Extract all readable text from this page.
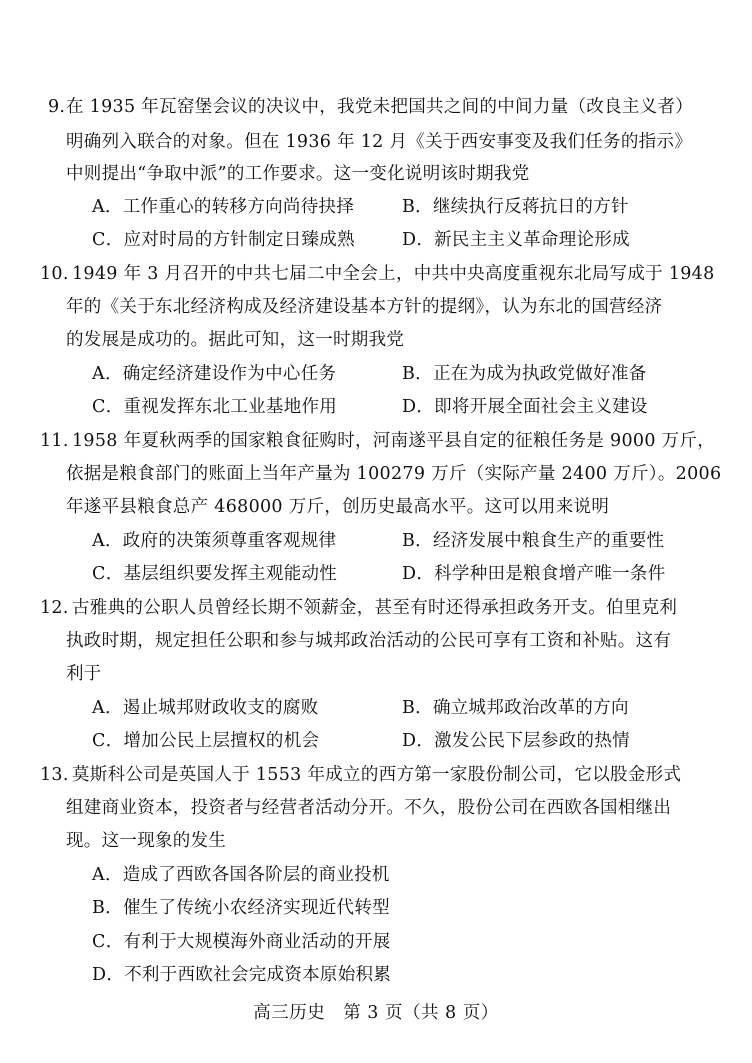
9. 在 1935 年瓦窑堡会议的决议中，我党未把国共之间的中间力量（改良主义者）
明确列入联合的对象。但在 1936 年 12 月《关于西安事变及我们任务的指示》
中则提出“争取中派”的工作要求。这一变化说明该时期我党
A．工作重心的转移方向尚待抉择	B．继续执行反蒋抗日的方针
C．应对时局的方针制定日臻成熟	D．新民主主义革命理论形成
10. 1949 年 3 月召开的中共七届二中全会上，中共中央高度重视东北局写成于 1948
年的《关于东北经济构成及经济建设基本方针的提纲》，认为东北的国营经济
的发展是成功的。据此可知，这一时期我党
A．确定经济建设作为中心任务	B．正在为成为执政党做好准备
C．重视发挥东北工业基地作用	D．即将开展全面社会主义建设
11. 1958 年夏秋两季的国家粮食征购时，河南遂平县自定的征粮任务是 9000 万斤，
依据是粮食部门的账面上当年产量为 100279 万斤（实际产量 2400 万斤）。2006
年遂平县粮食总产 468000 万斤，创历史最高水平。这可以用来说明
A．政府的决策须尊重客观规律	B．经济发展中粮食生产的重要性
C．基层组织要发挥主观能动性	D．科学种田是粮食增产唯一条件
12. 古雅典的公职人员曾经长期不领薪金，甚至有时还得承担政务开支。伯里克利
执政时期，规定担任公职和参与城邦政治活动的公民可享有工资和补贴。这有
利于
A．遏止城邦财政收支的腐败	B．确立城邦政治改革的方向
C．增加公民上层擅权的机会	D．激发公民下层参政的热情
13. 莫斯科公司是英国人于 1553 年成立的西方第一家股份制公司，它以股金形式
组建商业资本，投资者与经营者活动分开。不久，股份公司在西欧各国相继出
现。这一现象的发生
A．造成了西欧各国各阶层的商业投机
B．催生了传统小农经济实现近代转型
C．有利于大规模海外商业活动的开展
D．不利于西欧社会完成资本原始积累
高三历史　第 3 页（共 8 页）
